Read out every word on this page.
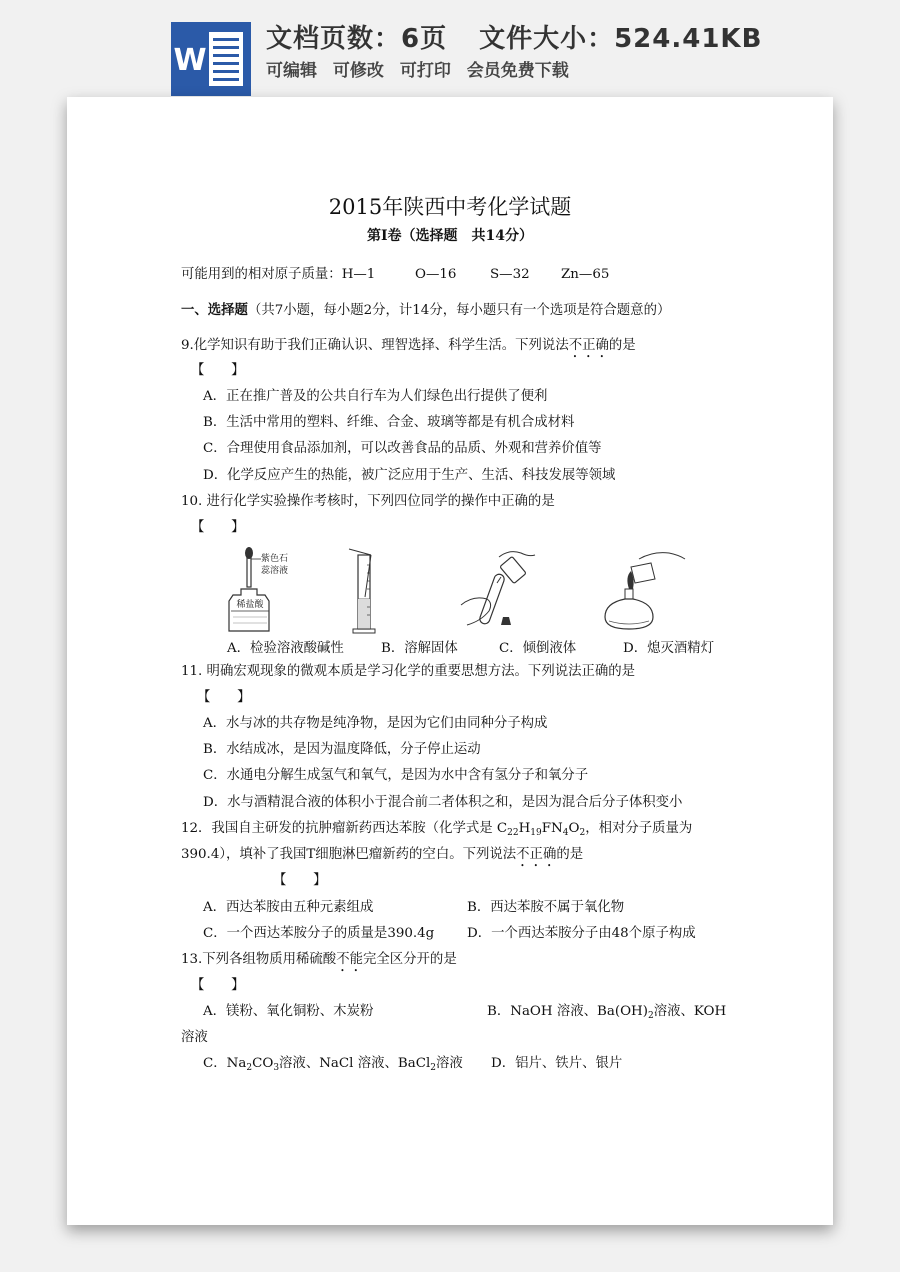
W
文档页数：6页 文件大小：524.41KB
可编辑 可修改 可打印 会员免费下载
2015年陕西中考化学试题
第Ⅰ卷（选择题　共14分）
可能用到的相对原子质量：H—1	O—16	S—32 Zn—65
一、选择题（共7小题，每小题2分，计14分，每小题只有一个选项是符合题意的）
9.化学知识有助于我们正确认识、理智选择、科学生活。下列说法不正确的是
【　　】
A．正在推广普及的公共自行车为人们绿色出行提供了便利
B．生活中常用的塑料、纤维、合金、玻璃等都是有机合成材料
C．合理使用食品添加剂，可以改善食品的品质、外观和营养价值等
D．化学反应产生的热能，被广泛应用于生产、生活、科技发展等领域
10. 进行化学实验操作考核时，下列四位同学的操作中正确的是
【　　】
紫色石
蕊溶液
稀盐酸
A．检验溶液酸碱性	B．溶解固体	C．倾倒液体	D．熄灭酒精灯
11. 明确宏观现象的微观本质是学习化学的重要思想方法。下列说法正确的是
【　　】
A．水与冰的共存物是纯净物，是因为它们由同种分子构成
B．水结成冰，是因为温度降低，分子停止运动
C．水通电分解生成氢气和氧气，是因为水中含有氢分子和氧分子
D．水与酒精混合液的体积小于混合前二者体积之和，是因为混合后分子体积变小
12．我国自主研发的抗肿瘤新药西达苯胺（化学式是 $C_{22}H_{19}FN_4O_2$，相对分子质量为
390.4），填补了我国T细胞淋巴瘤新药的空白。下列说法不正确的是
【　　】
A．西达苯胺由五种元素组成	B．西达苯胺不属于氧化物
C．一个西达苯胺分子的质量是390.4g D．一个西达苯胺分子由48个原子构成
13.下列各组物质用稀硫酸不能完全区分开的是
【　　】
A．镁粉、氧化铜粉、木炭粉	B．NaOH 溶液、$Ba(OH)_2$溶液、KOH
溶液
C．$Na_2CO_3$溶液、NaCl 溶液、BaCl$_2$溶液 D．铝片、铁片、银片
